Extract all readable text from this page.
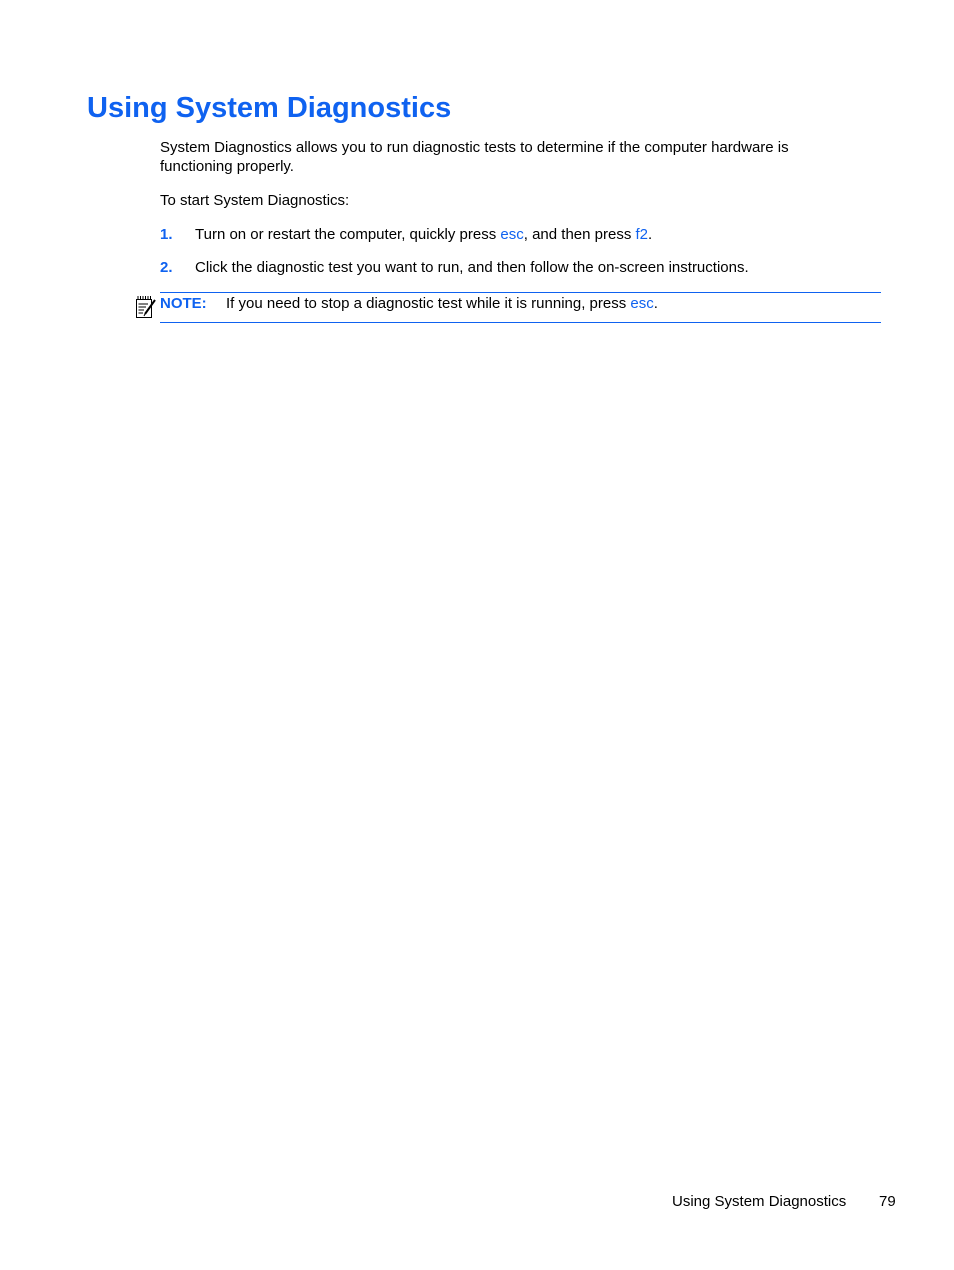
Using System Diagnostics

System Diagnostics allows you to run diagnostic tests to determine if the computer hardware is functioning properly.

To start System Diagnostics:

1. Turn on or restart the computer, quickly press esc, and then press f2.
2. Click the diagnostic test you want to run, and then follow the on-screen instructions.
NOTE: If you need to stop a diagnostic test while it is running, press esc.
Using System Diagnostics 79
